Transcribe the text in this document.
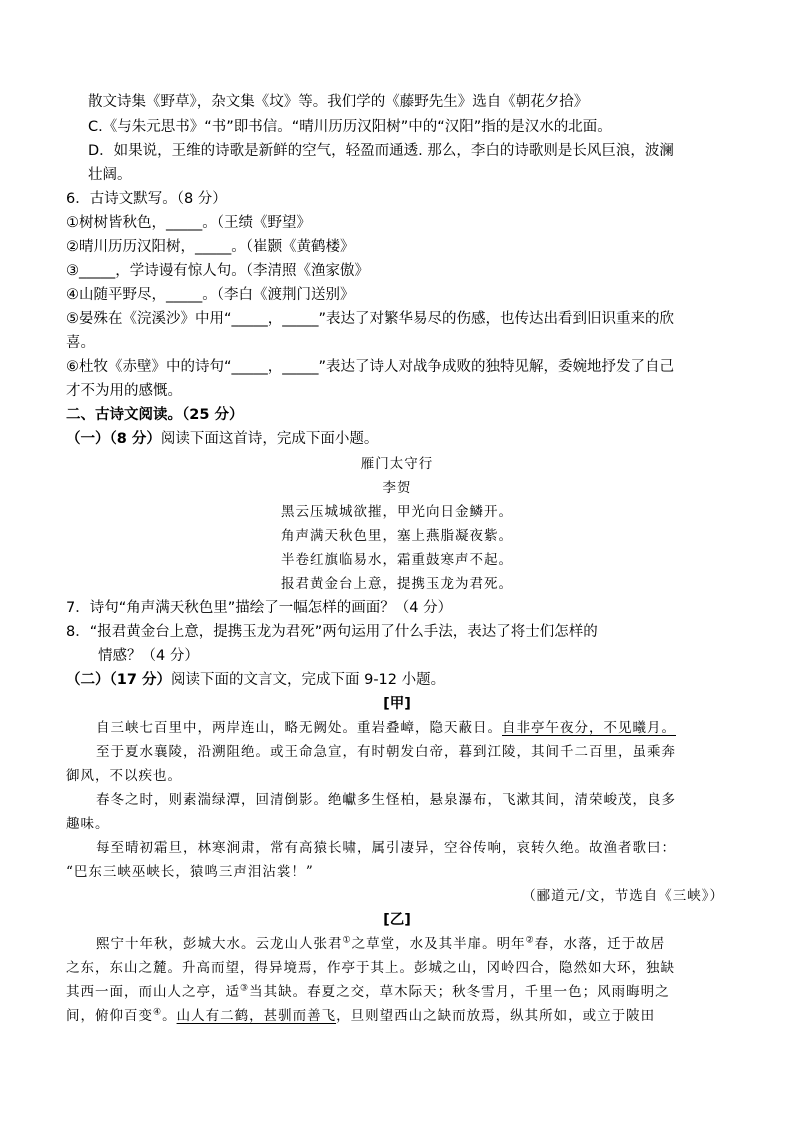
散文诗集《野草》，杂文集《坟》等。我们学的《藤野先生》选自《朝花夕拾》
C.《与朱元思书》“书”即书信。“晴川历历汉阳树”中的“汉阳”指的是汉水的北面。
D．如果说，王维的诗歌是新鲜的空气，轻盈而通透. 那么，李白的诗歌则是长风巨浪，波澜
壮阔。
6．古诗文默写。（8 分）
①树树皆秋色，_____。（王绩《野望》
②晴川历历汉阳树，_____。（崔颢《黄鹤楼》
③_____，学诗谩有惊人句。（李清照《渔家傲》
④山随平野尽，_____。（李白《渡荆门送别》
⑤晏殊在《浣溪沙》中用“_____，_____”表达了对繁华易尽的伤感，也传达出看到旧识重来的欣
喜。
⑥杜牧《赤壁》中的诗句“_____，_____”表达了诗人对战争成败的独特见解，委婉地抒发了自己
才不为用的感慨。
二、古诗文阅读。（25 分）
（一）（8 分）阅读下面这首诗，完成下面小题。
雁门太守行
李贺
黑云压城城欲摧，甲光向日金鳞开。
角声满天秋色里，塞上燕脂凝夜紫。
半卷红旗临易水，霜重鼓寒声不起。
报君黄金台上意，提携玉龙为君死。
7．诗句“角声满天秋色里”描绘了一幅怎样的画面？（4 分）
8．“报君黄金台上意，提携玉龙为君死”两句运用了什么手法，表达了将士们怎样的
情感？（4 分）
（二）（17 分）阅读下面的文言文，完成下面 9-12 小题。
[甲]
自三峡七百里中，两岸连山，略无阙处。重岩叠嶂，隐天蔽日。自非亭午夜分，不见曦月。
至于夏水襄陵，沿溯阻绝。或王命急宣，有时朝发白帝，暮到江陵，其间千二百里，虽乘奔
御风，不以疾也。
春冬之时，则素湍绿潭，回清倒影。绝巘多生怪柏，悬泉瀑布，飞漱其间，清荣峻茂，良多
趣味。
每至晴初霜旦，林寒涧肃，常有高猿长啸，属引凄异，空谷传响，哀转久绝。故渔者歌曰：
“巴东三峡巫峡长，猿鸣三声泪沾裳！”
（郦道元/文，节选自《三峡》）
[乙]
熙宁十年秋，彭城大水。云龙山人张君①之草堂，水及其半扉。明年②春，水落，迁于故居
之东，东山之麓。升高而望，得异境焉，作亭于其上。彭城之山，冈岭四合，隐然如大环，独缺
其西一面，而山人之亭，适③当其缺。春夏之交，草木际天；秋冬雪月，千里一色；风雨晦明之
间，俯仰百变④。山人有二鹤，甚驯而善飞，旦则望西山之缺而放焉，纵其所如，或立于陂田
